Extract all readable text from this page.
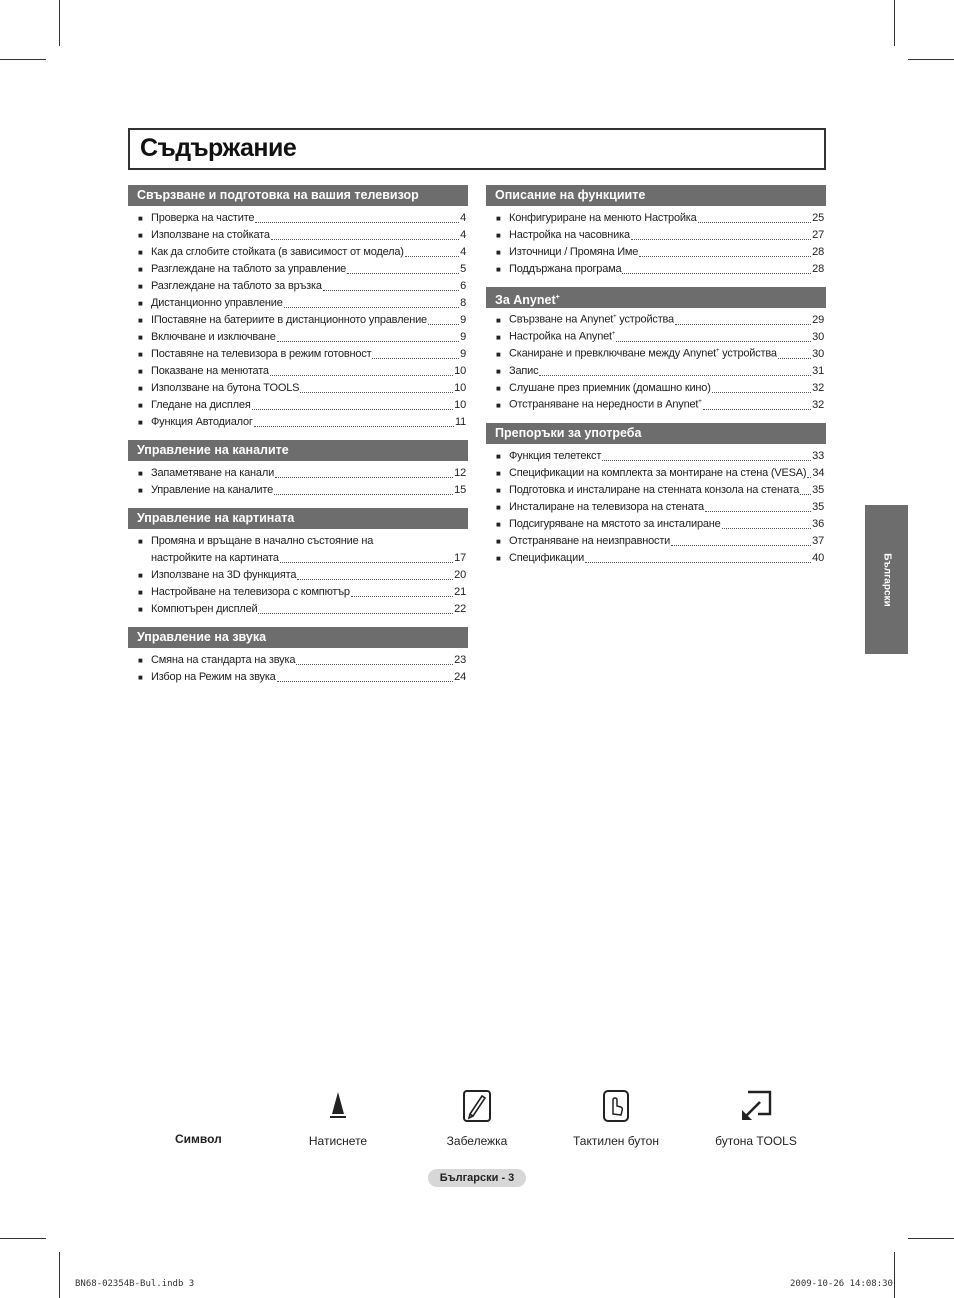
Съдържание
Свързване и подготовка на вашия телевизор
■ Проверка на частите	4
■ Използване на стойката	4
■ Как да сглобите стойката (в зависимост от модела)	4
■ Разглеждане на таблото за управление	5
■ Разглеждане на таблото за връзка	6
■ Дистанционно управление	8
■ IПоставяне на батериите в дистанционното управление	9
■ Включване и изключване	9
■ Поставяне на телевизора в режим готовност	9
■ Показване на менютата	10
■ Използване на бутона TOOLS	10
■ Гледане на дисплея	10
■ Функция Автодиалог	11
Управление на каналите
■ Запаметяване на канали	12
■ Управление на каналите	15
Управление на картината
■ Промяна и връщане в начално състояние на
настройките на картината	17
■ Използване на 3D функцията	20
■ Настройване на телевизора с компютър	21
■ Компютърен дисплей	22
Управление на звука
■ Смяна на стандарта на звука	23
■ Избор на Режим на звука	24
Описание на функциите
■ Конфигуриране на менюто Настройка	25
■ Настройка на часовника	27
■ Източници / Промяна Име	28
■ Поддържана програма	28
За Anynet+
■ Свързване на Anynet+ устройства	29
■ Настройка на Anynet+	30
■ Сканиране и превключване между Anynet+ устройства	30
■ Запис	31
■ Слушане през приемник (домашно кино)	32
■ Отстраняване на нередности в Anynet+	32
Препоръки за употреба
■ Функция телетекст	33
■ Спецификации на комплекта за монтиране на стена (VESA) 34
■ Подготовка и инсталиране на стенната конзола на стената 35
■ Инсталиране на телевизора на стената	35
■ Подсигуряване на мястото за инсталиране	36
■ Отстраняване на неизправности	37
■ Спецификации	40	Български
Символ	Натиснете	Забележка	Тактилен бутон	бутона TOOLS
Български - 3
BN68-02354B-Bul.indb 3	2009-10-26 14:08:30
